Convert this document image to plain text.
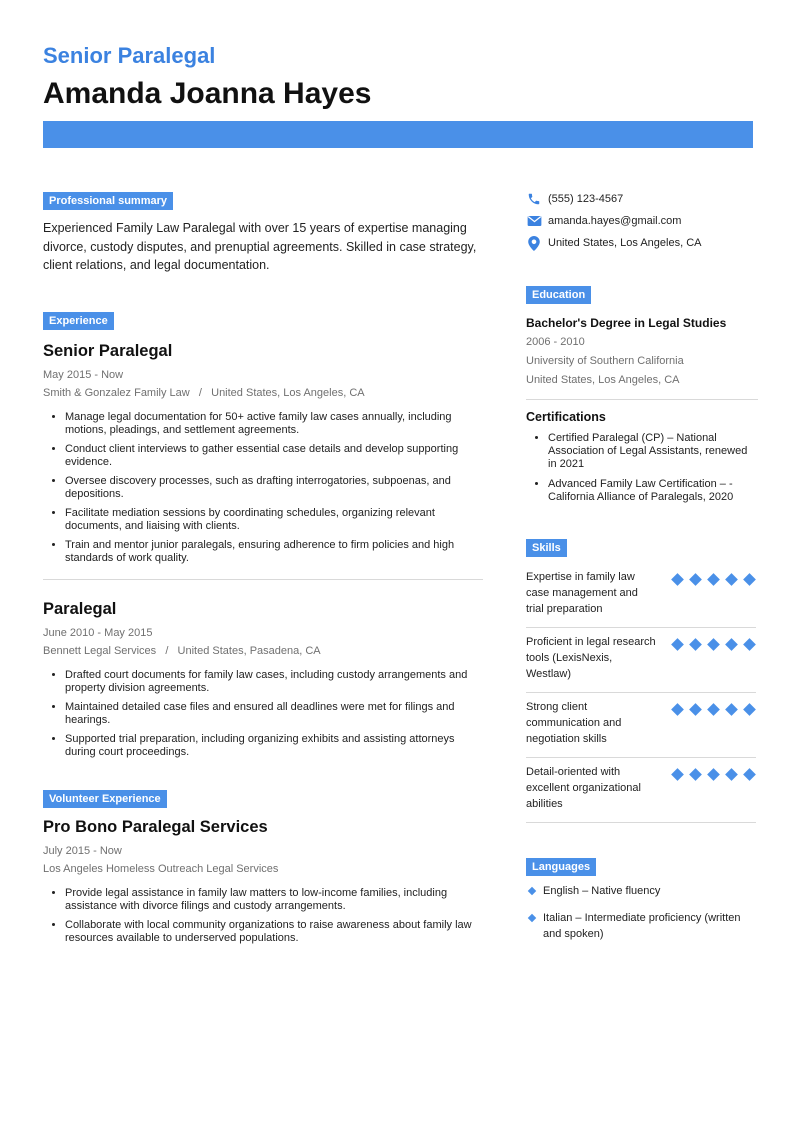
Senior Paralegal
Amanda Joanna Hayes
Professional summary
Experienced Family Law Paralegal with over 15 years of expertise managing divorce, custody disputes, and prenuptial agreements. Skilled in case strategy, client relations, and legal documentation.
Experience
Senior Paralegal
May 2015 - Now
Smith & Gonzalez Family Law   /   United States, Los Angeles, CA
• Manage legal documentation for 50+ active family law cases annually, including motions, pleadings, and settlement agreements.
• Conduct client interviews to gather essential case details and develop supporting evidence.
• Oversee discovery processes, such as drafting interrogatories, subpoenas, and depositions.
• Facilitate mediation sessions by coordinating schedules, organizing relevant documents, and liaising with clients.
• Train and mentor junior paralegals, ensuring adherence to firm policies and high standards of work quality.
Paralegal
June 2010 - May 2015
Bennett Legal Services   /   United States, Pasadena, CA
• Drafted court documents for family law cases, including custody arrangements and property division agreements.
• Maintained detailed case files and ensured all deadlines were met for filings and hearings.
• Supported trial preparation, including organizing exhibits and assisting attorneys during court proceedings.
Volunteer Experience
Pro Bono Paralegal Services
July 2015 - Now
Los Angeles Homeless Outreach Legal Services
• Provide legal assistance in family law matters to low-income families, including assistance with divorce filings and custody arrangements.
• Collaborate with local community organizations to raise awareness about family law resources available to underserved populations.
(555) 123-4567
amanda.hayes@gmail.com
United States, Los Angeles, CA
Education
Bachelor's Degree in Legal Studies
2006 - 2010
University of Southern California
United States, Los Angeles, CA
Certifications
• Certified Paralegal (CP) – National Association of Legal Assistants, renewed in 2021
• Advanced Family Law Certification – - California Alliance of Paralegals, 2020
Skills
Expertise in family law case management and trial preparation
Proficient in legal research tools (LexisNexis, Westlaw)
Strong client communication and negotiation skills
Detail-oriented with excellent organizational abilities
Languages
English – Native fluency
Italian – Intermediate proficiency (written and spoken)
